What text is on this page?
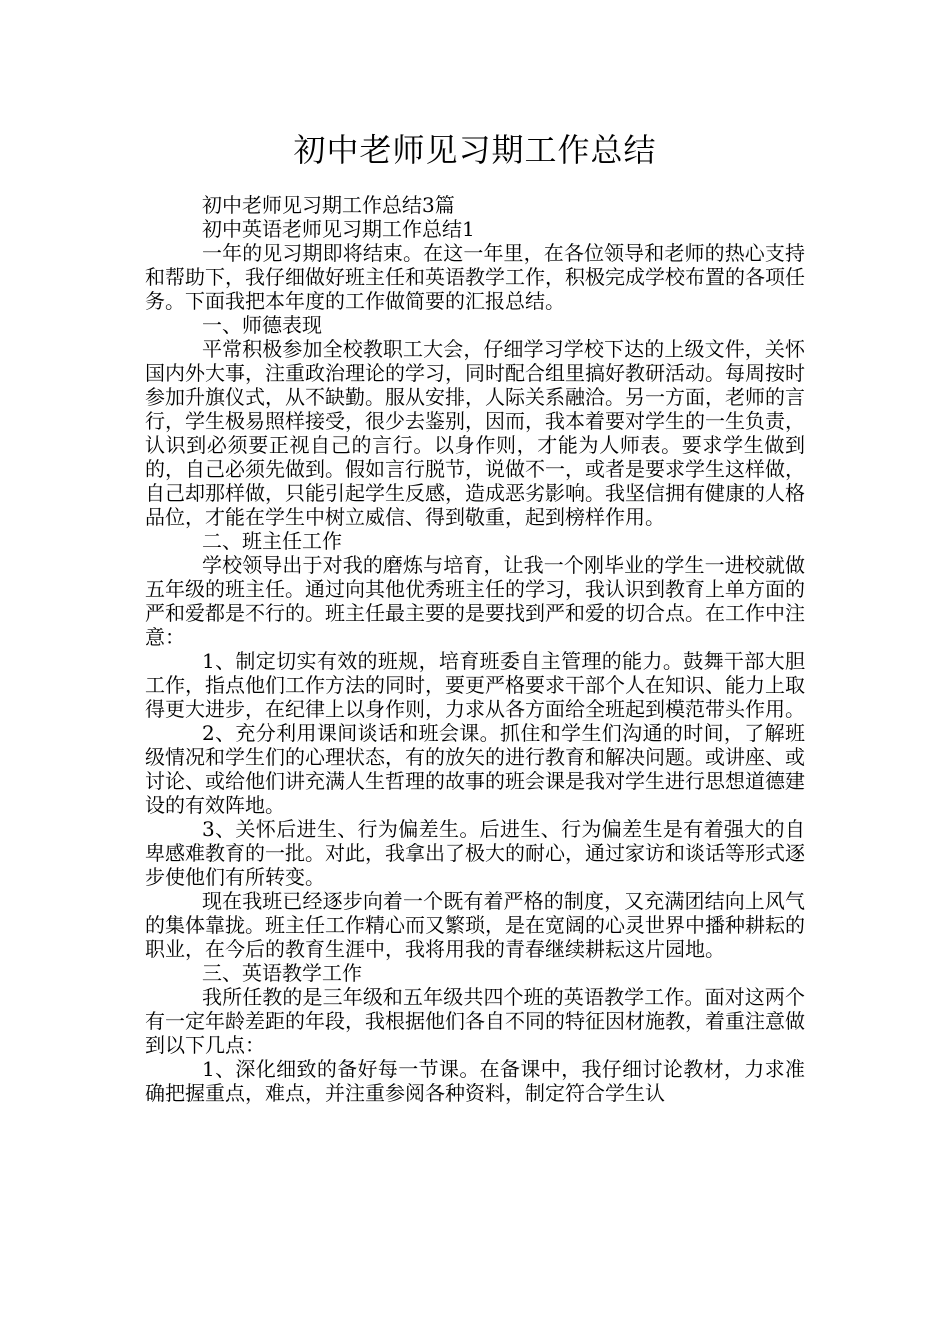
初中老师见习期工作总结

初中老师见习期工作总结3篇

初中英语老师见习期工作总结1

一年的见习期即将结束。在这一年里，在各位领导和老师的热心支持和帮助下，我仔细做好班主任和英语教学工作，积极完成学校布置的各项任务。下面我把本年度的工作做简要的汇报总结。

一、师德表现

平常积极参加全校教职工大会，仔细学习学校下达的上级文件，关怀国内外大事，注重政治理论的学习，同时配合组里搞好教研活动。每周按时参加升旗仪式，从不缺勤。服从安排，人际关系融洽。另一方面，老师的言行，学生极易照样接受，很少去鉴别，因而，我本着要对学生的一生负责，认识到必须要正视自己的言行。以身作则，才能为人师表。要求学生做到的，自己必须先做到。假如言行脱节，说做不一，或者是要求学生这样做，自己却那样做，只能引起学生反感，造成恶劣影响。我坚信拥有健康的人格品位，才能在学生中树立威信、得到敬重，起到榜样作用。

二、班主任工作

学校领导出于对我的磨炼与培育，让我一个刚毕业的学生一进校就做五年级的班主任。通过向其他优秀班主任的学习，我认识到教育上单方面的严和爱都是不行的。班主任最主要的是要找到严和爱的切合点。在工作中注意：

1、制定切实有效的班规，培育班委自主管理的能力。鼓舞干部大胆工作，指点他们工作方法的同时，要更严格要求干部个人在知识、能力上取得更大进步，在纪律上以身作则，力求从各方面给全班起到模范带头作用。

2、充分利用课间谈话和班会课。抓住和学生们沟通的时间，了解班级情况和学生们的心理状态，有的放矢的进行教育和解决问题。或讲座、或讨论、或给他们讲充满人生哲理的故事的班会课是我对学生进行思想道德建设的有效阵地。

3、关怀后进生、行为偏差生。后进生、行为偏差生是有着强大的自卑感难教育的一批。对此，我拿出了极大的耐心，通过家访和谈话等形式逐步使他们有所转变。

现在我班已经逐步向着一个既有着严格的制度，又充满团结向上风气的集体靠拢。班主任工作精心而又繁琐，是在宽阔的心灵世界中播种耕耘的职业，在今后的教育生涯中，我将用我的青春继续耕耘这片园地。

三、英语教学工作

我所任教的是三年级和五年级共四个班的英语教学工作。面对这两个有一定年龄差距的年段，我根据他们各自不同的特征因材施教，着重注意做到以下几点：

1、深化细致的备好每一节课。在备课中，我仔细讨论教材，力求准确把握重点，难点，并注重参阅各种资料，制定符合学生认
